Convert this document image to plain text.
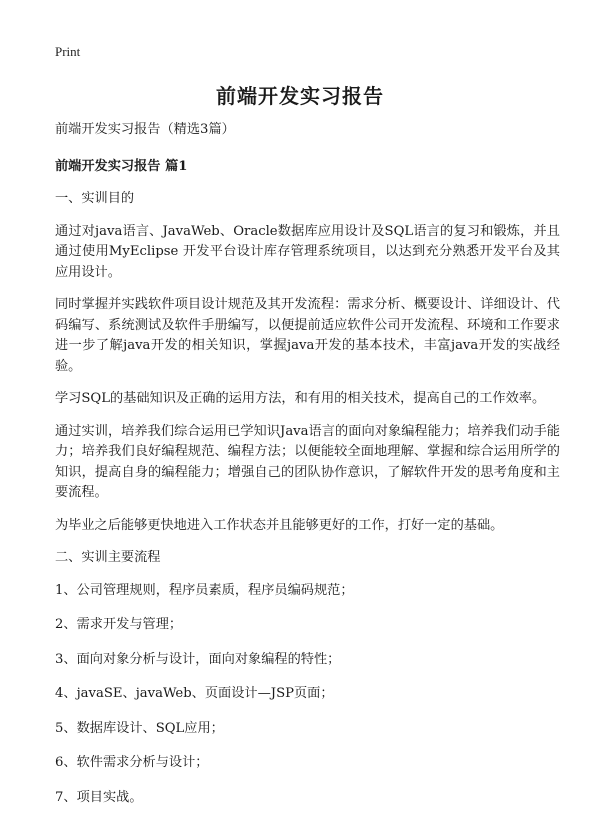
Print
前端开发实习报告

前端开发实习报告（精选3篇）

前端开发实习报告 篇1

一、实训目的

通过对java语言、JavaWeb、Oracle数据库应用设计及SQL语言的复习和锻炼，并且通过使用MyEclipse 开发平台设计库存管理系统项目，以达到充分熟悉开发平台及其应用设计。

同时掌握并实践软件项目设计规范及其开发流程：需求分析、概要设计、详细设计、代码编写、系统测试及软件手册编写，以便提前适应软件公司开发流程、环境和工作要求进一步了解java开发的相关知识，掌握java开发的基本技术，丰富java开发的实战经验。

学习SQL的基础知识及正确的运用方法，和有用的相关技术，提高自己的工作效率。

通过实训，培养我们综合运用已学知识Java语言的面向对象编程能力；培养我们动手能力；培养我们良好编程规范、编程方法；以便能较全面地理解、掌握和综合运用所学的知识，提高自身的编程能力；增强自己的团队协作意识，了解软件开发的思考角度和主要流程。

为毕业之后能够更快地进入工作状态并且能够更好的工作，打好一定的基础。

二、实训主要流程

1、公司管理规则，程序员素质，程序员编码规范；

2、需求开发与管理；

3、面向对象分析与设计，面向对象编程的特性；

4、javaSE、javaWeb、页面设计—JSP页面；

5、数据库设计、SQL应用；

6、软件需求分析与设计；

7、项目实战。
